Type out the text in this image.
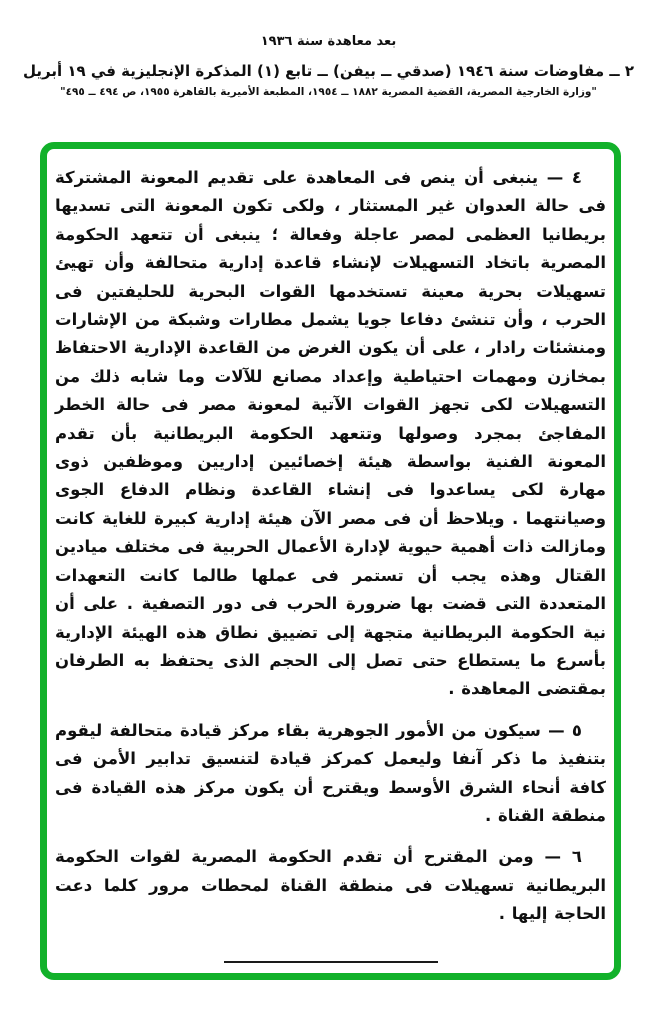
بعد معاهدة سنة ١٩٣٦
٢ ــ مفاوضات سنة ١٩٤٦ (صدقي ــ بيفن) ــ تابع (١) المذكرة الإنجليزية في ١٩ أبريل
"وزارة الخارجية المصرية، القضية المصرية ١٨٨٢ ــ ١٩٥٤، المطبعة الأميرية بالقاهرة ١٩٥٥، ص ٤٩٤ ــ ٤٩٥"

٤ — ينبغى أن ينص فى المعاهدة على تقديم المعونة المشتركة فى حالة العدوان غير المستثار ، ولكى تكون المعونة التى تسديها بريطانيا العظمى لمصر عاجلة وفعالة ؛ ينبغى أن تتعهد الحكومة المصرية باتخاد التسهيلات لإنشاء قاعدة إدارية متحالفة وأن تهيئ تسهيلات بحرية معينة تستخدمها القوات البحرية للحليفتين فى الحرب ، وأن تنشئ دفاعا جويا يشمل مطارات وشبكة من الإشارات ومنشئات رادار ، على أن يكون الغرض من القاعدة الإدارية الاحتفاظ بمخازن ومهمات احتياطية وإعداد مصانع للآلات وما شابه ذلك من التسهيلات لكى تجهز القوات الآتية لمعونة مصر فى حالة الخطر المفاجئ بمجرد وصولها وتتعهد الحكومة البريطانية بأن تقدم المعونة الفنية بواسطة هيئة إخصائيين إداريين وموظفين ذوى مهارة لكى يساعدوا فى إنشاء القاعدة ونظام الدفاع الجوى وصيانتهما . ويلاحظ أن فى مصر الآن هيئة إدارية كبيرة للغاية كانت ومازالت ذات أهمية حيوية لإدارة الأعمال الحربية فى مختلف ميادين القتال وهذه يجب أن تستمر فى عملها طالما كانت التعهدات المتعددة التى قضت بها ضرورة الحرب فى دور التصفية . على أن نية الحكومة البريطانية متجهة إلى تضييق نطاق هذه الهيئة الإدارية بأسرع ما يستطاع حتى تصل إلى الحجم الذى يحتفظ به الطرفان بمقتضى المعاهدة .

٥ — سيكون من الأمور الجوهرية بقاء مركز قيادة متحالفة ليقوم بتنفيذ ما ذكر آنفا وليعمل كمركز قيادة لتنسيق تدابير الأمن فى كافة أنحاء الشرق الأوسط ويقترح أن يكون مركز هذه القيادة فى منطقة القناة .

٦ — ومن المقترح أن تقدم الحكومة المصرية لقوات الحكومة البريطانية تسهيلات فى منطقة القناة لمحطات مرور كلما دعت الحاجة إليها .
